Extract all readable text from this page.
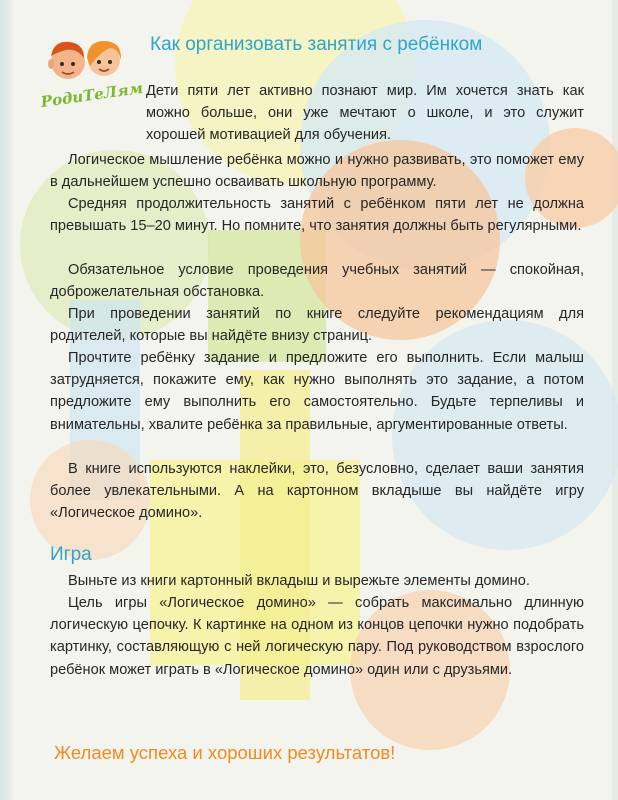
РодиТеЛям
Как организовать занятия с ребёнком

Дети пяти лет активно познают мир. Им хочется знать как можно больше, они уже мечтают о школе, и это служит хорошей мотивацией для обучения.

Логическое мышление ребёнка можно и нужно развивать, это поможет ему в дальнейшем успешно осваивать школьную программу.

Средняя продолжительность занятий с ребёнком пяти лет не должна превышать 15–20 минут. Но помните, что занятия должны быть регулярными.

Обязательное условие проведения учебных занятий — спокойная, доброжелательная обстановка.

При проведении занятий по книге следуйте рекомендациям для родителей, которые вы найдёте внизу страниц.

Прочтите ребёнку задание и предложите его выполнить. Если малыш затрудняется, покажите ему, как нужно выполнять это задание, а потом предложите ему выполнить его самостоятельно. Будьте терпеливы и внимательны, хвалите ребёнка за правильные, аргументированные ответы.

В книге используются наклейки, это, безусловно, сделает ваши занятия более увлекательными. А на картонном вкладыше вы найдёте игру «Логическое домино».

Игра

Выньте из книги картонный вкладыш и вырежьте элементы домино.

Цель игры «Логическое домино» — собрать максимально длинную логическую цепочку. К картинке на одном из концов цепочки нужно подобрать картинку, составляющую с ней логическую пару. Под руководством взрослого ребёнок может играть в «Логическое домино» один или с друзьями.

Желаем успеха и хороших результатов!
